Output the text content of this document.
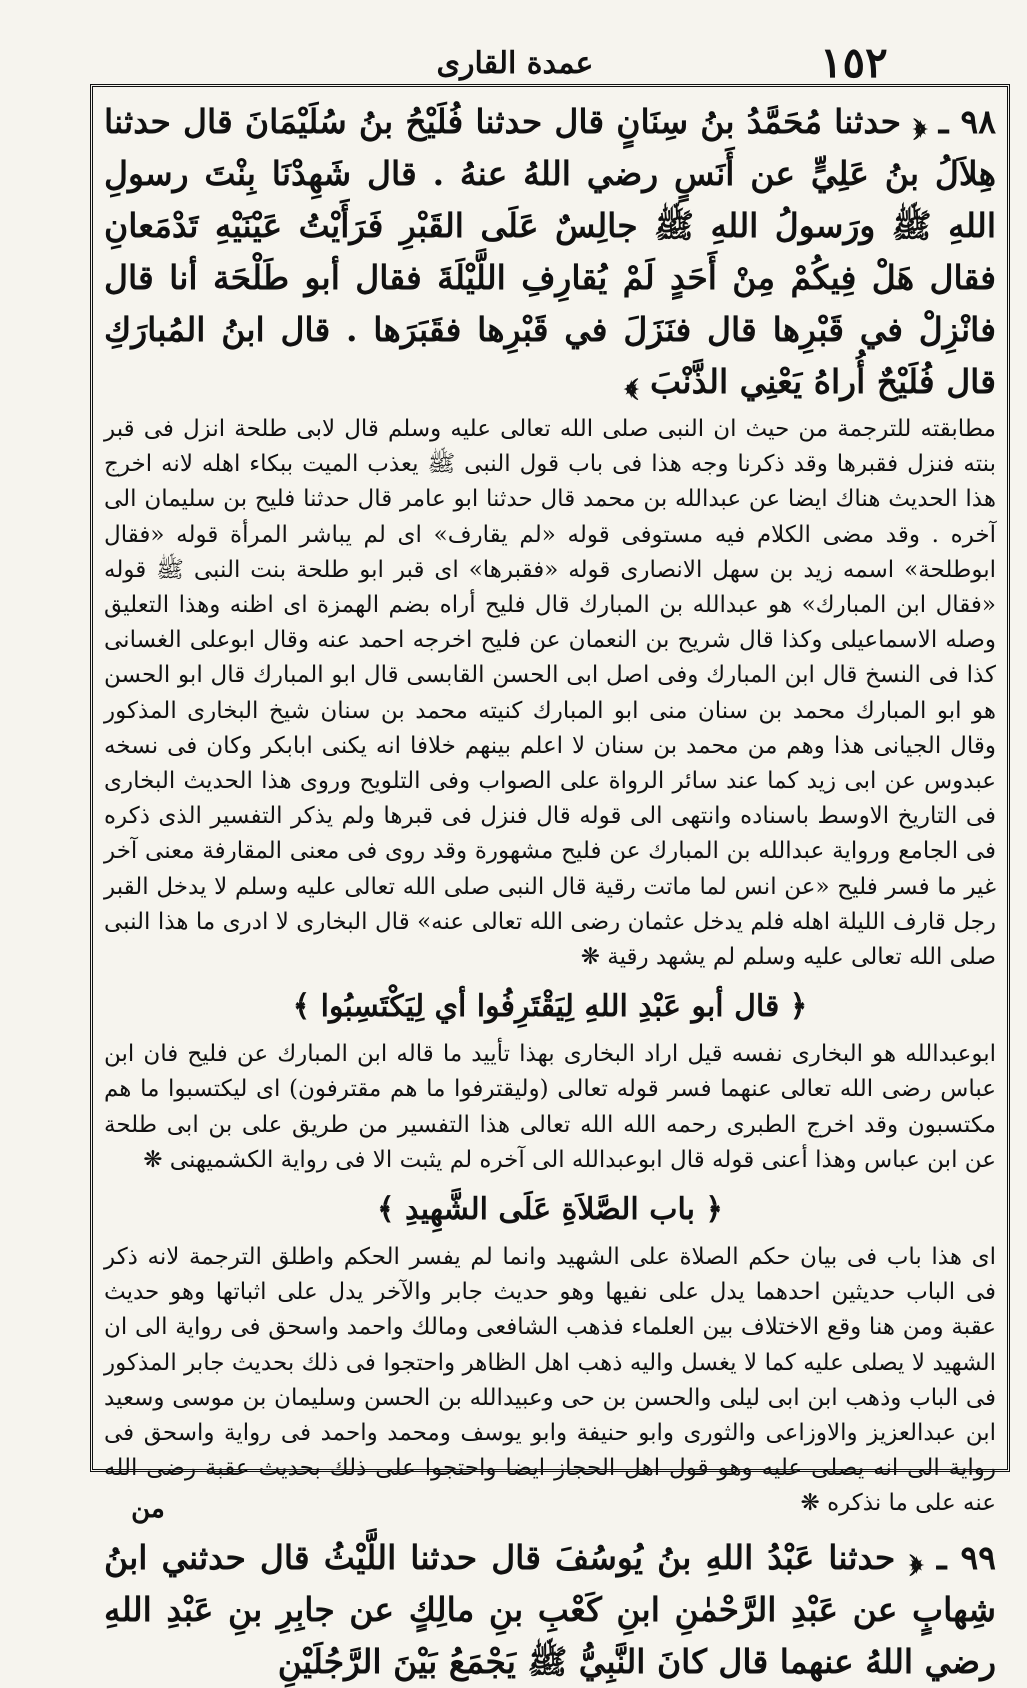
عمدة القارى	١٥٢

٩٨ ـ ﴿ حدثنا مُحَمَّدُ بنُ سِنَانٍ قال حدثنا فُلَيْحُ بنُ سُلَيْمَانَ قال حدثنا هِلاَلُ بنُ عَلِيٍّ عن أَنَسٍ رضي اللهُ عنهُ . قال شَهِدْنَا بِنْتَ رسولِ اللهِ ﷺ ورَسولُ اللهِ ﷺ جالِسٌ عَلَى القَبْرِ فَرَأَيْتُ عَيْنَيْهِ تَدْمَعانِ فقال هَلْ فِيكُمْ مِنْ أَحَدٍ لَمْ يُقارِفِ اللَّيْلَةَ فقال أبو طَلْحَة أنا قال فانْزِلْ في قَبْرِها قال فنَزَلَ في قَبْرِها فقَبَرَها . قال ابنُ المُبارَكِ قال فُلَيْحٌ أُراهُ يَعْنِي الذَّنْبَ ﴾

مطابقته للترجمة من حيث ان النبى صلى الله تعالى عليه وسلم قال لابى طلحة انزل فى قبر بنته فنزل فقبرها وقد ذكرنا وجه هذا فى باب قول النبى ﷺ يعذب الميت ببكاء اهله لانه اخرج هذا الحديث هناك ايضا عن عبدالله بن محمد قال حدثنا ابو عامر قال حدثنا فليح بن سليمان الى آخره . وقد مضى الكلام فيه مستوفى قوله «لم يقارف» اى لم يباشر المرأة قوله «فقال ابوطلحة» اسمه زيد بن سهل الانصارى قوله «فقبرها» اى قبر ابو طلحة بنت النبى ﷺ قوله «فقال ابن المبارك» هو عبدالله بن المبارك قال فليح أراه بضم الهمزة اى اظنه وهذا التعليق وصله الاسماعيلى وكذا قال شريح بن النعمان عن فليح اخرجه احمد عنه وقال ابوعلى الغسانى كذا فى النسخ قال ابن المبارك وفى اصل ابى الحسن القابسى قال ابو المبارك قال ابو الحسن هو ابو المبارك محمد بن سنان منى ابو المبارك كنيته محمد بن سنان شيخ البخارى المذكور وقال الجيانى هذا وهم من محمد بن سنان لا اعلم بينهم خلافا انه يكنى ابابكر وكان فى نسخه عبدوس عن ابى زيد كما عند سائر الرواة على الصواب وفى التلويح وروى هذا الحديث البخارى فى التاريخ الاوسط باسناده وانتهى الى قوله قال فنزل فى قبرها ولم يذكر التفسير الذى ذكره فى الجامع ورواية عبدالله بن المبارك عن فليح مشهورة وقد روى فى معنى المقارفة معنى آخر غير ما فسر فليح «عن انس لما ماتت رقية قال النبى صلى الله تعالى عليه وسلم لا يدخل القبر رجل قارف الليلة اهله فلم يدخل عثمان رضى الله تعالى عنه» قال البخارى لا ادرى ما هذا النبى صلى الله تعالى عليه وسلم لم يشهد رقية ❋

﴿ قال أبو عَبْدِ اللهِ لِيَقْتَرِفُوا أي لِيَكْتَسِبُوا ﴾

ابوعبدالله هو البخارى نفسه قيل اراد البخارى بهذا تأييد ما قاله ابن المبارك عن فليح فان ابن عباس رضى الله تعالى عنهما فسر قوله تعالى (وليقترفوا ما هم مقترفون) اى ليكتسبوا ما هم مكتسبون وقد اخرج الطبرى رحمه الله الله تعالى هذا التفسير من طريق على بن ابى طلحة عن ابن عباس وهذا أعنى قوله قال ابوعبدالله الى آخره لم يثبت الا فى رواية الكشميهنى ❋

﴿ باب الصَّلاَةِ عَلَى الشَّهِيدِ ﴾

اى هذا باب فى بيان حكم الصلاة على الشهيد وانما لم يفسر الحكم واطلق الترجمة لانه ذكر فى الباب حديثين احدهما يدل على نفيها وهو حديث جابر والآخر يدل على اثباتها وهو حديث عقبة ومن هنا وقع الاختلاف بين العلماء فذهب الشافعى ومالك واحمد واسحق فى رواية الى ان الشهيد لا يصلى عليه كما لا يغسل واليه ذهب اهل الظاهر واحتجوا فى ذلك بحديث جابر المذكور فى الباب وذهب ابن ابى ليلى والحسن بن حى وعبيدالله بن الحسن وسليمان بن موسى وسعيد ابن عبدالعزيز والاوزاعى والثورى وابو حنيفة وابو يوسف ومحمد واحمد فى رواية واسحق فى رواية الى انه يصلى عليه وهو قول اهل الحجاز ايضا واحتجوا على ذلك بحديث عقبة رضى الله عنه على ما نذكره ❋

٩٩ ـ ﴿ حدثنا عَبْدُ اللهِ بنُ يُوسُفَ قال حدثنا اللَّيْثُ قال حدثني ابنُ شِهابٍ عن عَبْدِ الرَّحْمٰنِ ابنِ كَعْبِ بنِ مالِكٍ عن جابِرِ بنِ عَبْدِ اللهِ رضي اللهُ عنهما قال كانَ النَّبِيُّ ﷺ يَجْمَعُ بَيْنَ الرَّجُلَيْنِ

من
